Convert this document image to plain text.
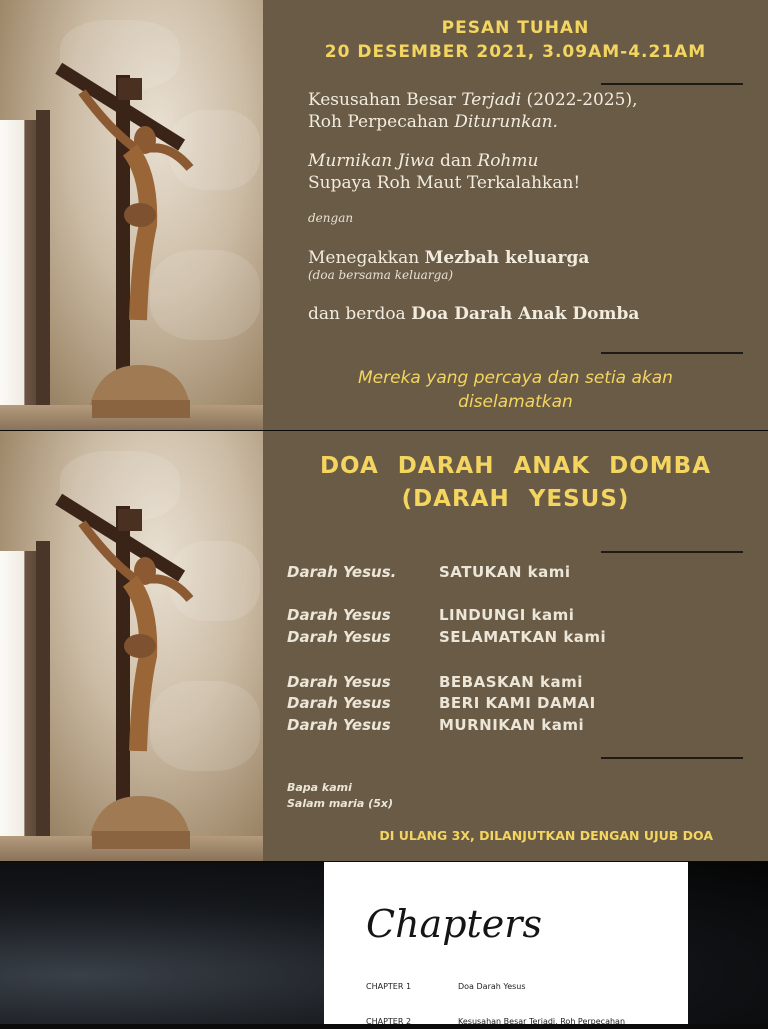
PESAN TUHAN
20 DESEMBER 2021, 3.09AM-4.21AM
Kesusahan Besar Terjadi (2022-2025),
Roh Perpecahan Diturunkan.
Murnikan Jiwa dan Rohmu
Supaya Roh Maut Terkalahkan!
dengan
Menegakkan Mezbah keluarga
(doa bersama keluarga)
dan berdoa Doa Darah Anak Domba
Mereka yang percaya dan setia akan
diselamatkan
DOA DARAH ANAK DOMBA
(DARAH YESUS)
Darah Yesus.	SATUKAN kami
Darah Yesus	LINDUNGI kami
Darah Yesus	SELAMATKAN kami
Darah Yesus	BEBASKAN kami
Darah Yesus	BERI KAMI DAMAI
Darah Yesus	MURNIKAN kami
Bapa kami
Salam maria (5x)
DI ULANG 3X, DILANJUTKAN DENGAN UJUB DOA
Chapters
CHAPTER 1	Doa Darah Yesus
CHAPTER 2	Kesusahan Besar Terjadi, Roh Perpecahan
